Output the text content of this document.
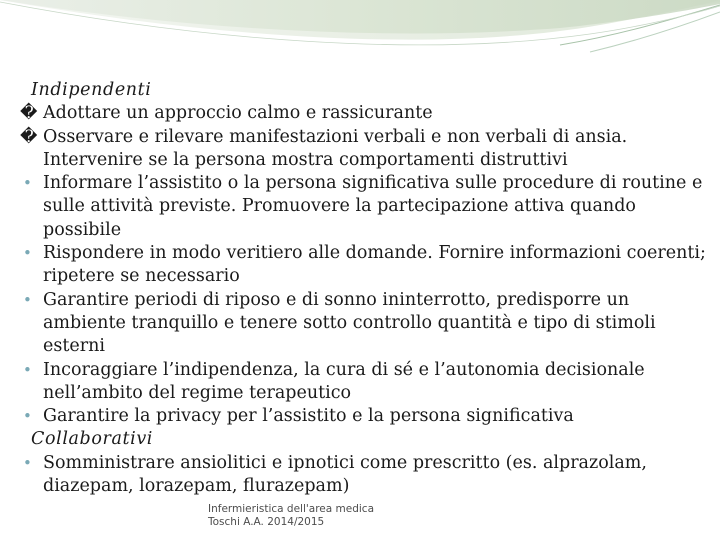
Indipendenti

� Adottare un approccio calmo e rassicurante

� Osservare e rilevare manifestazioni verbali e non verbali di ansia. Intervenire se la persona mostra comportamenti distruttivi

• Informare l’assistito o la persona significativa sulle procedure di routine e sulle attività previste. Promuovere la partecipazione attiva quando possibile

• Rispondere in modo veritiero alle domande. Fornire informazioni coerenti; ripetere se necessario

• Garantire periodi di riposo e di sonno ininterrotto, predisporre un ambiente tranquillo e tenere sotto controllo quantità e tipo di stimoli esterni

• Incoraggiare l’indipendenza, la cura di sé e l’autonomia decisionale nell’ambito del regime terapeutico

• Garantire la privacy per l’assistito e la persona significativa

Collaborativi

• Somministrare ansiolitici e ipnotici come prescritto (es. alprazolam, diazepam, lorazepam, flurazepam)

Infermieristica dell'area medica
Toschi A.A. 2014/2015
